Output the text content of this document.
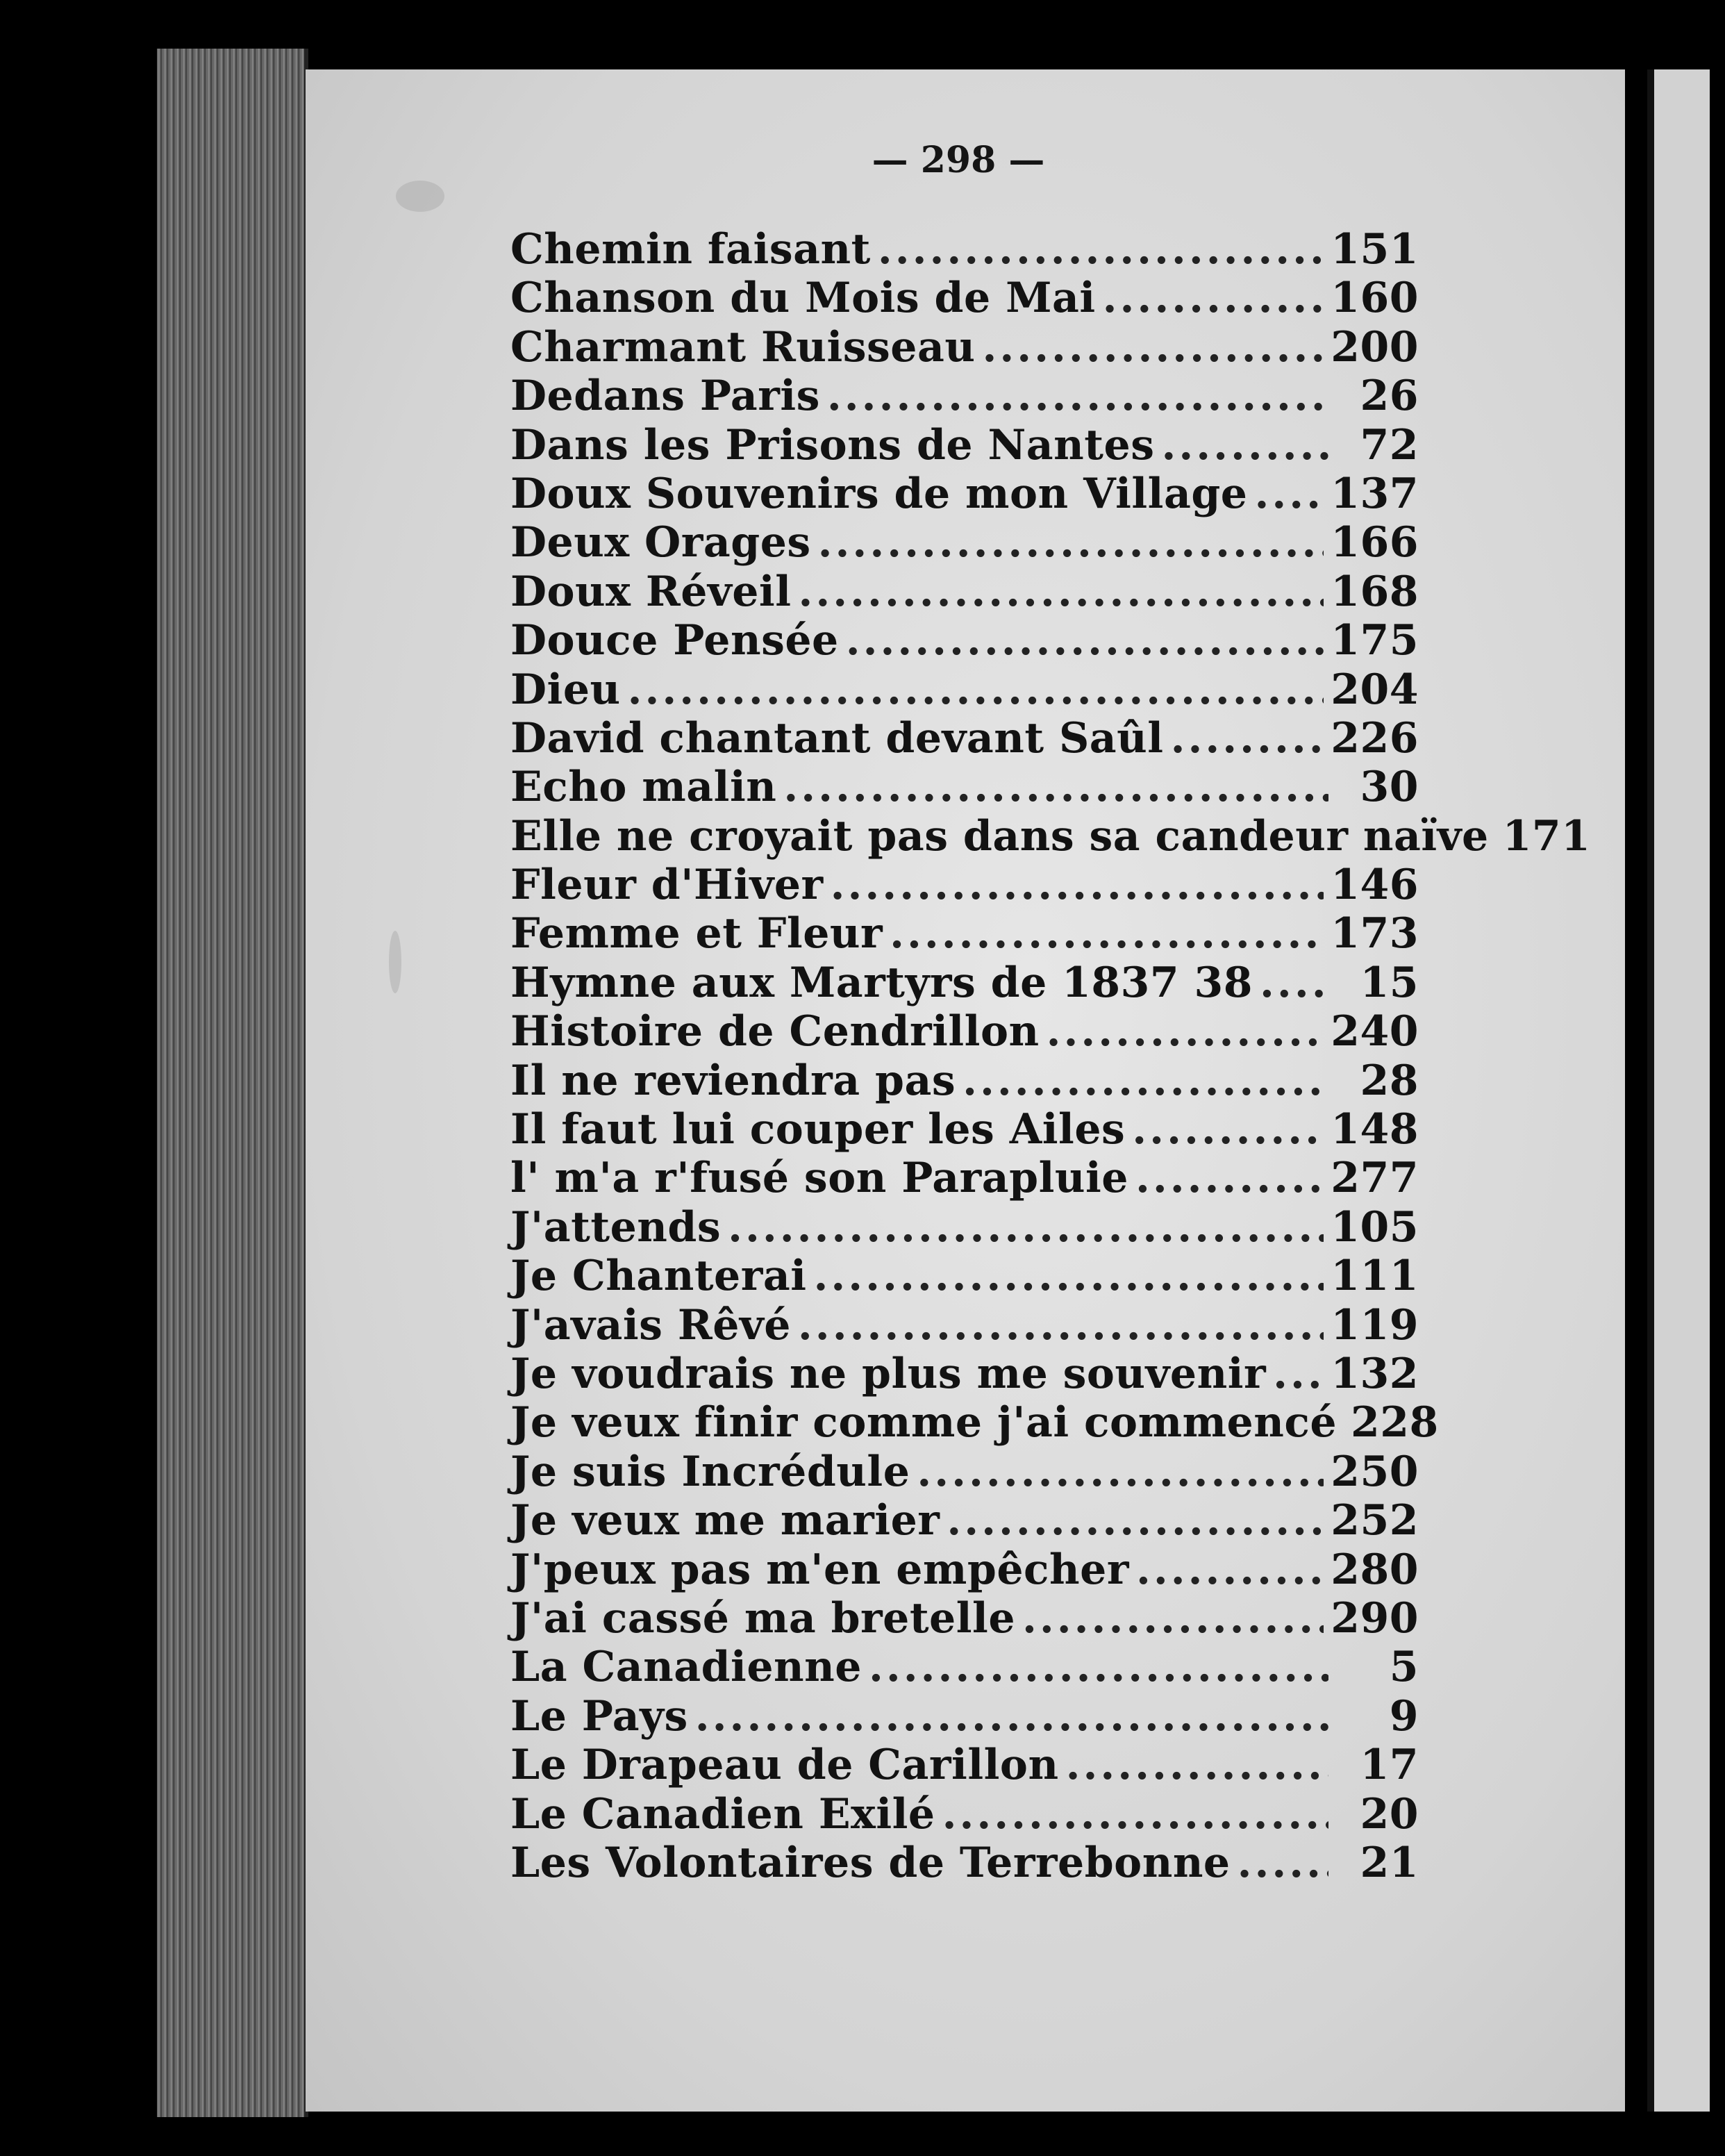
— 298 —
Chemin faisant .....	151
Chanson du Mois de Mai .....	160
Charmant Ruisseau .....	200
Dedans Paris .....	26
Dans les Prisons de Nantes .....	72
Doux Souvenirs de mon Village ..... 137
Deux Orages .....	166
Doux Réveil .....	168
Douce Pensée .....	175
Dieu .....	204
David chantant devant Saûl .....	226
Echo malin .....	30
Elle ne croyait pas dans sa candeur naïve 171
Fleur d'Hiver .....	146
Femme et Fleur .....	173
Hymne aux Martyrs de 1837 38 .....	15
Histoire de Cendrillon .....	240
Il ne reviendra pas .....	28
Il faut lui couper les Ailes .....	148
l' m'a r'fusé son Parapluie .....	277
J'attends .....	105
Je Chanterai .....	111
J'avais Rêvé .....	119
Je voudrais ne plus me souvenir ..... 132
Je veux finir comme j'ai commencé 228
Je suis Incrédule .....	250
Je veux me marier .....	252
J'peux pas m'en empêcher .....	280
J'ai cassé ma bretelle .....	290
La Canadienne .....	5
Le Pays .....	9
Le Drapeau de Carillon .....	17
Le Canadien Exilé .....	20
Les Volontaires de Terrebonne .....	21
